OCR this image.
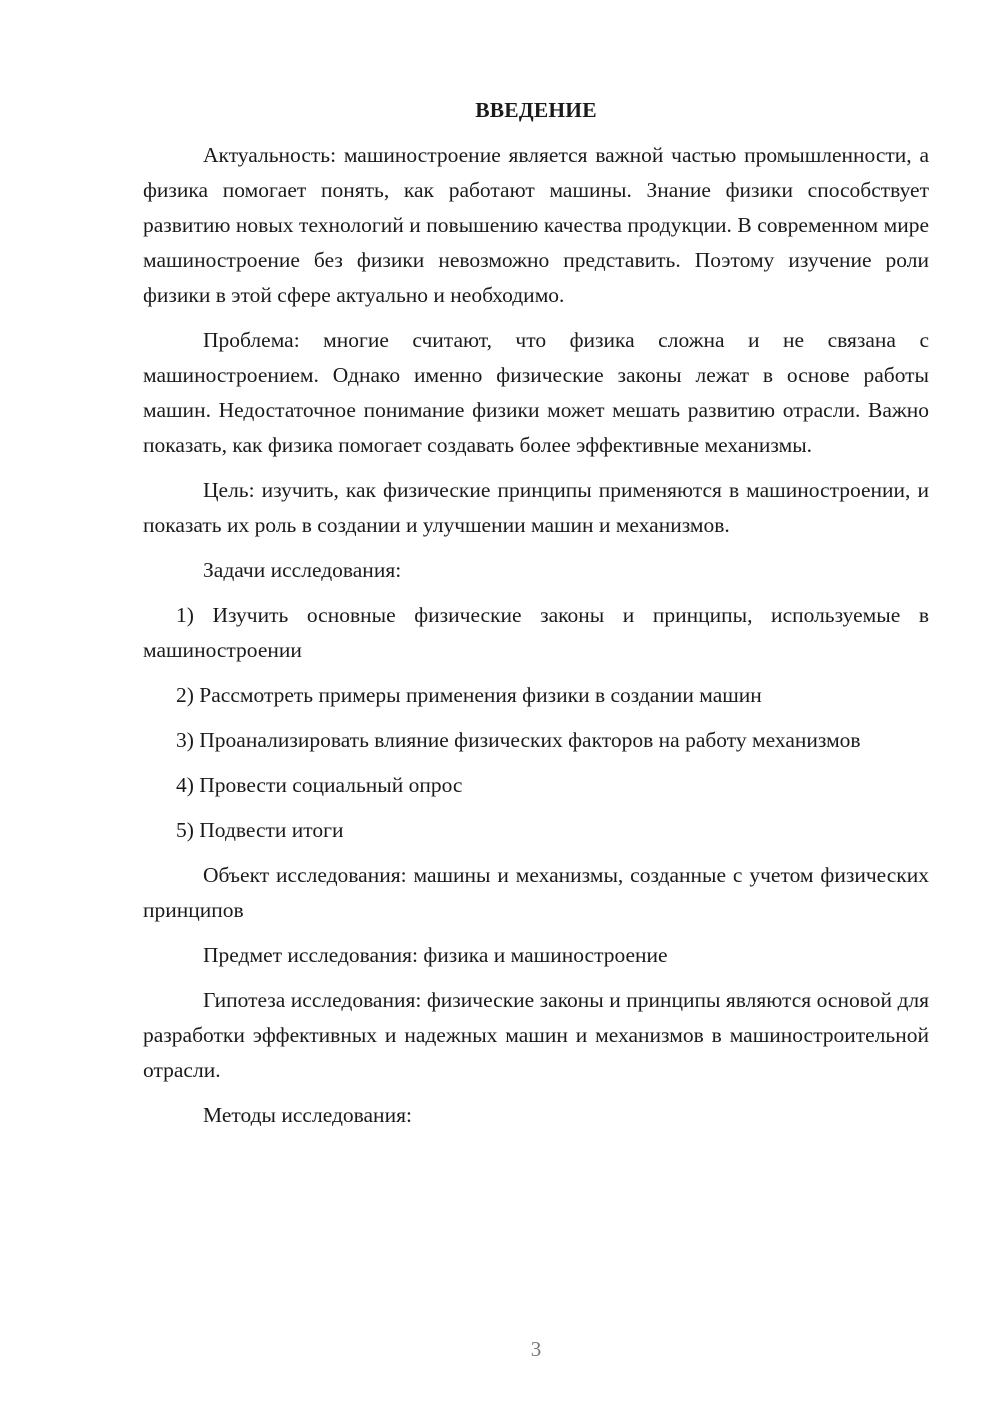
ВВЕДЕНИЕ

Актуальность: машиностроение является важной частью промышленности, а физика помогает понять, как работают машины. Знание физики способствует развитию новых технологий и повышению качества продукции. В современном мире машиностроение без физики невозможно представить. Поэтому изучение роли физики в этой сфере актуально и необходимо.

Проблема: многие считают, что физика сложна и не связана с машиностроением. Однако именно физические законы лежат в основе работы машин. Недостаточное понимание физики может мешать развитию отрасли. Важно показать, как физика помогает создавать более эффективные механизмы.

Цель: изучить, как физические принципы применяются в машиностроении, и показать их роль в создании и улучшении машин и механизмов.

Задачи исследования:

1) Изучить основные физические законы и принципы, используемые в машиностроении

2) Рассмотреть примеры применения физики в создании машин

3) Проанализировать влияние физических факторов на работу механизмов

4) Провести социальный опрос

5) Подвести итоги

Объект исследования: машины и механизмы, созданные с учетом физических принципов

Предмет исследования: физика и машиностроение

Гипотеза исследования: физические законы и принципы являются основой для разработки эффективных и надежных машин и механизмов в машиностроительной отрасли.

Методы исследования:

3
